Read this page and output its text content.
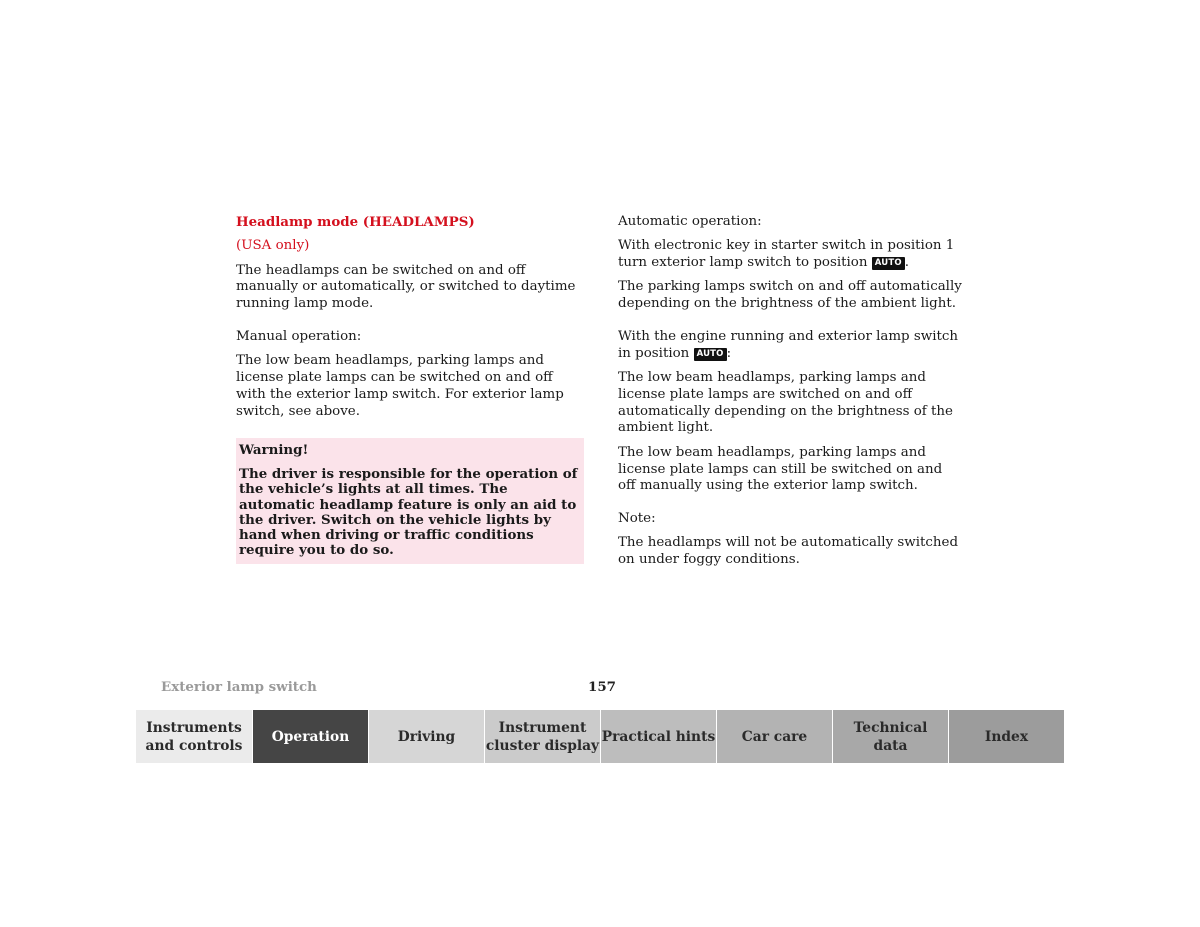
Headlamp mode (HEADLAMPS)

(USA only)

The headlamps can be switched on and off manually or automatically, or switched to daytime running lamp mode.

Manual operation:

The low beam headlamps, parking lamps and license plate lamps can be switched on and off with the exterior lamp switch. For exterior lamp switch, see above.

Warning!

The driver is responsible for the operation of the vehicle’s lights at all times. The automatic headlamp feature is only an aid to the driver. Switch on the vehicle lights by hand when driving or traffic conditions require you to do so.

Automatic operation:

With electronic key in starter switch in position 1 turn exterior lamp switch to position AUTO .

The parking lamps switch on and off automatically depending on the brightness of the ambient light.

With the engine running and exterior lamp switch in position AUTO :

The low beam headlamps, parking lamps and license plate lamps are switched on and off automatically depending on the brightness of the ambient light.

The low beam headlamps, parking lamps and license plate lamps can still be switched on and off manually using the exterior lamp switch.

Note:

The headlamps will not be automatically switched on under foggy conditions.

Exterior lamp switch	157
Instruments
and controls
Operation	Driving
Instrument
cluster display
Practical hints	Car care
Technical
data
Index
